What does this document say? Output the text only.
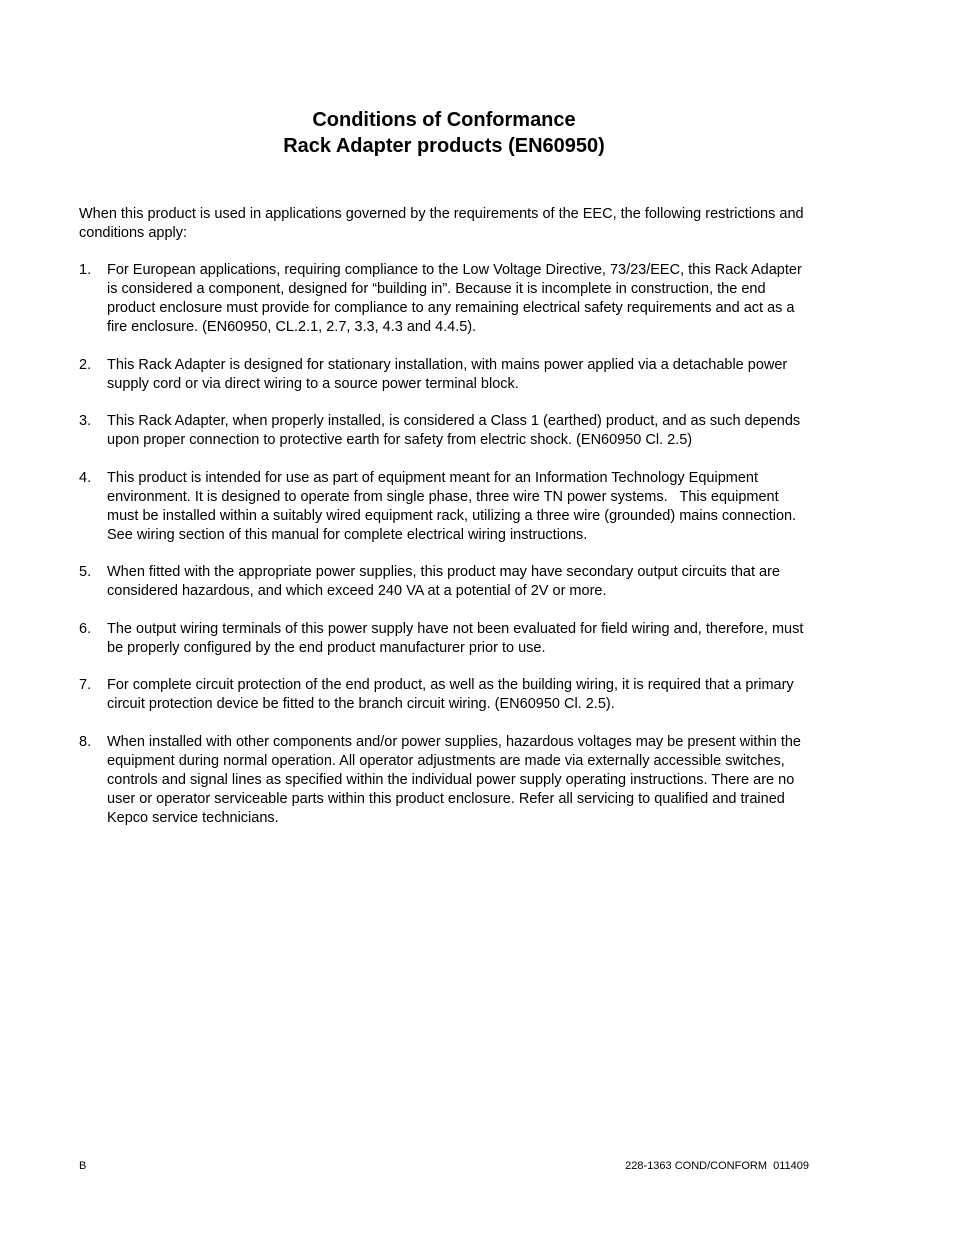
Conditions of Conformance
Rack Adapter products (EN60950)
When this product is used in applications governed by the requirements of the EEC, the following restrictions and conditions apply:
1.	For European applications, requiring compliance to the Low Voltage Directive, 73/23/EEC, this Rack Adapter is considered a component, designed for “building in”. Because it is incomplete in construction, the end product enclosure must provide for compliance to any remaining electrical safety requirements and act as a fire enclosure. (EN60950, CL.2.1, 2.7, 3.3, 4.3 and 4.4.5).
2.	This Rack Adapter is designed for stationary installation, with mains power applied via a detachable power supply cord or via direct wiring to a source power terminal block.
3.	This Rack Adapter, when properly installed, is considered a Class 1 (earthed) product, and as such depends upon proper connection to protective earth for safety from electric shock. (EN60950 Cl. 2.5)
4.	This product is intended for use as part of equipment meant for an Information Technology Equipment environment. It is designed to operate from single phase, three wire TN power systems.   This equipment must be installed within a suitably wired equipment rack, utilizing a three wire (grounded) mains connection.   See wiring section of this manual for complete electrical wiring instructions.
5.	When fitted with the appropriate power supplies, this product may have secondary output circuits that are considered hazardous, and which exceed 240 VA at a potential of 2V or more.
6.	The output wiring terminals of this power supply have not been evaluated for field wiring and, therefore, must be properly configured by the end product manufacturer prior to use.
7.	For complete circuit protection of the end product, as well as the building wiring, it is required that a primary circuit protection device be fitted to the branch circuit wiring. (EN60950 Cl. 2.5).
8.	When installed with other components and/or power supplies, hazardous voltages may be present within the equipment during normal operation. All operator adjustments are made via externally accessible switches, controls and signal lines as specified within the individual power supply operating instructions. There are no user or operator serviceable parts within this product enclosure. Refer all servicing to qualified and trained Kepco service technicians.
B	228-1363 COND/CONFORM  011409
